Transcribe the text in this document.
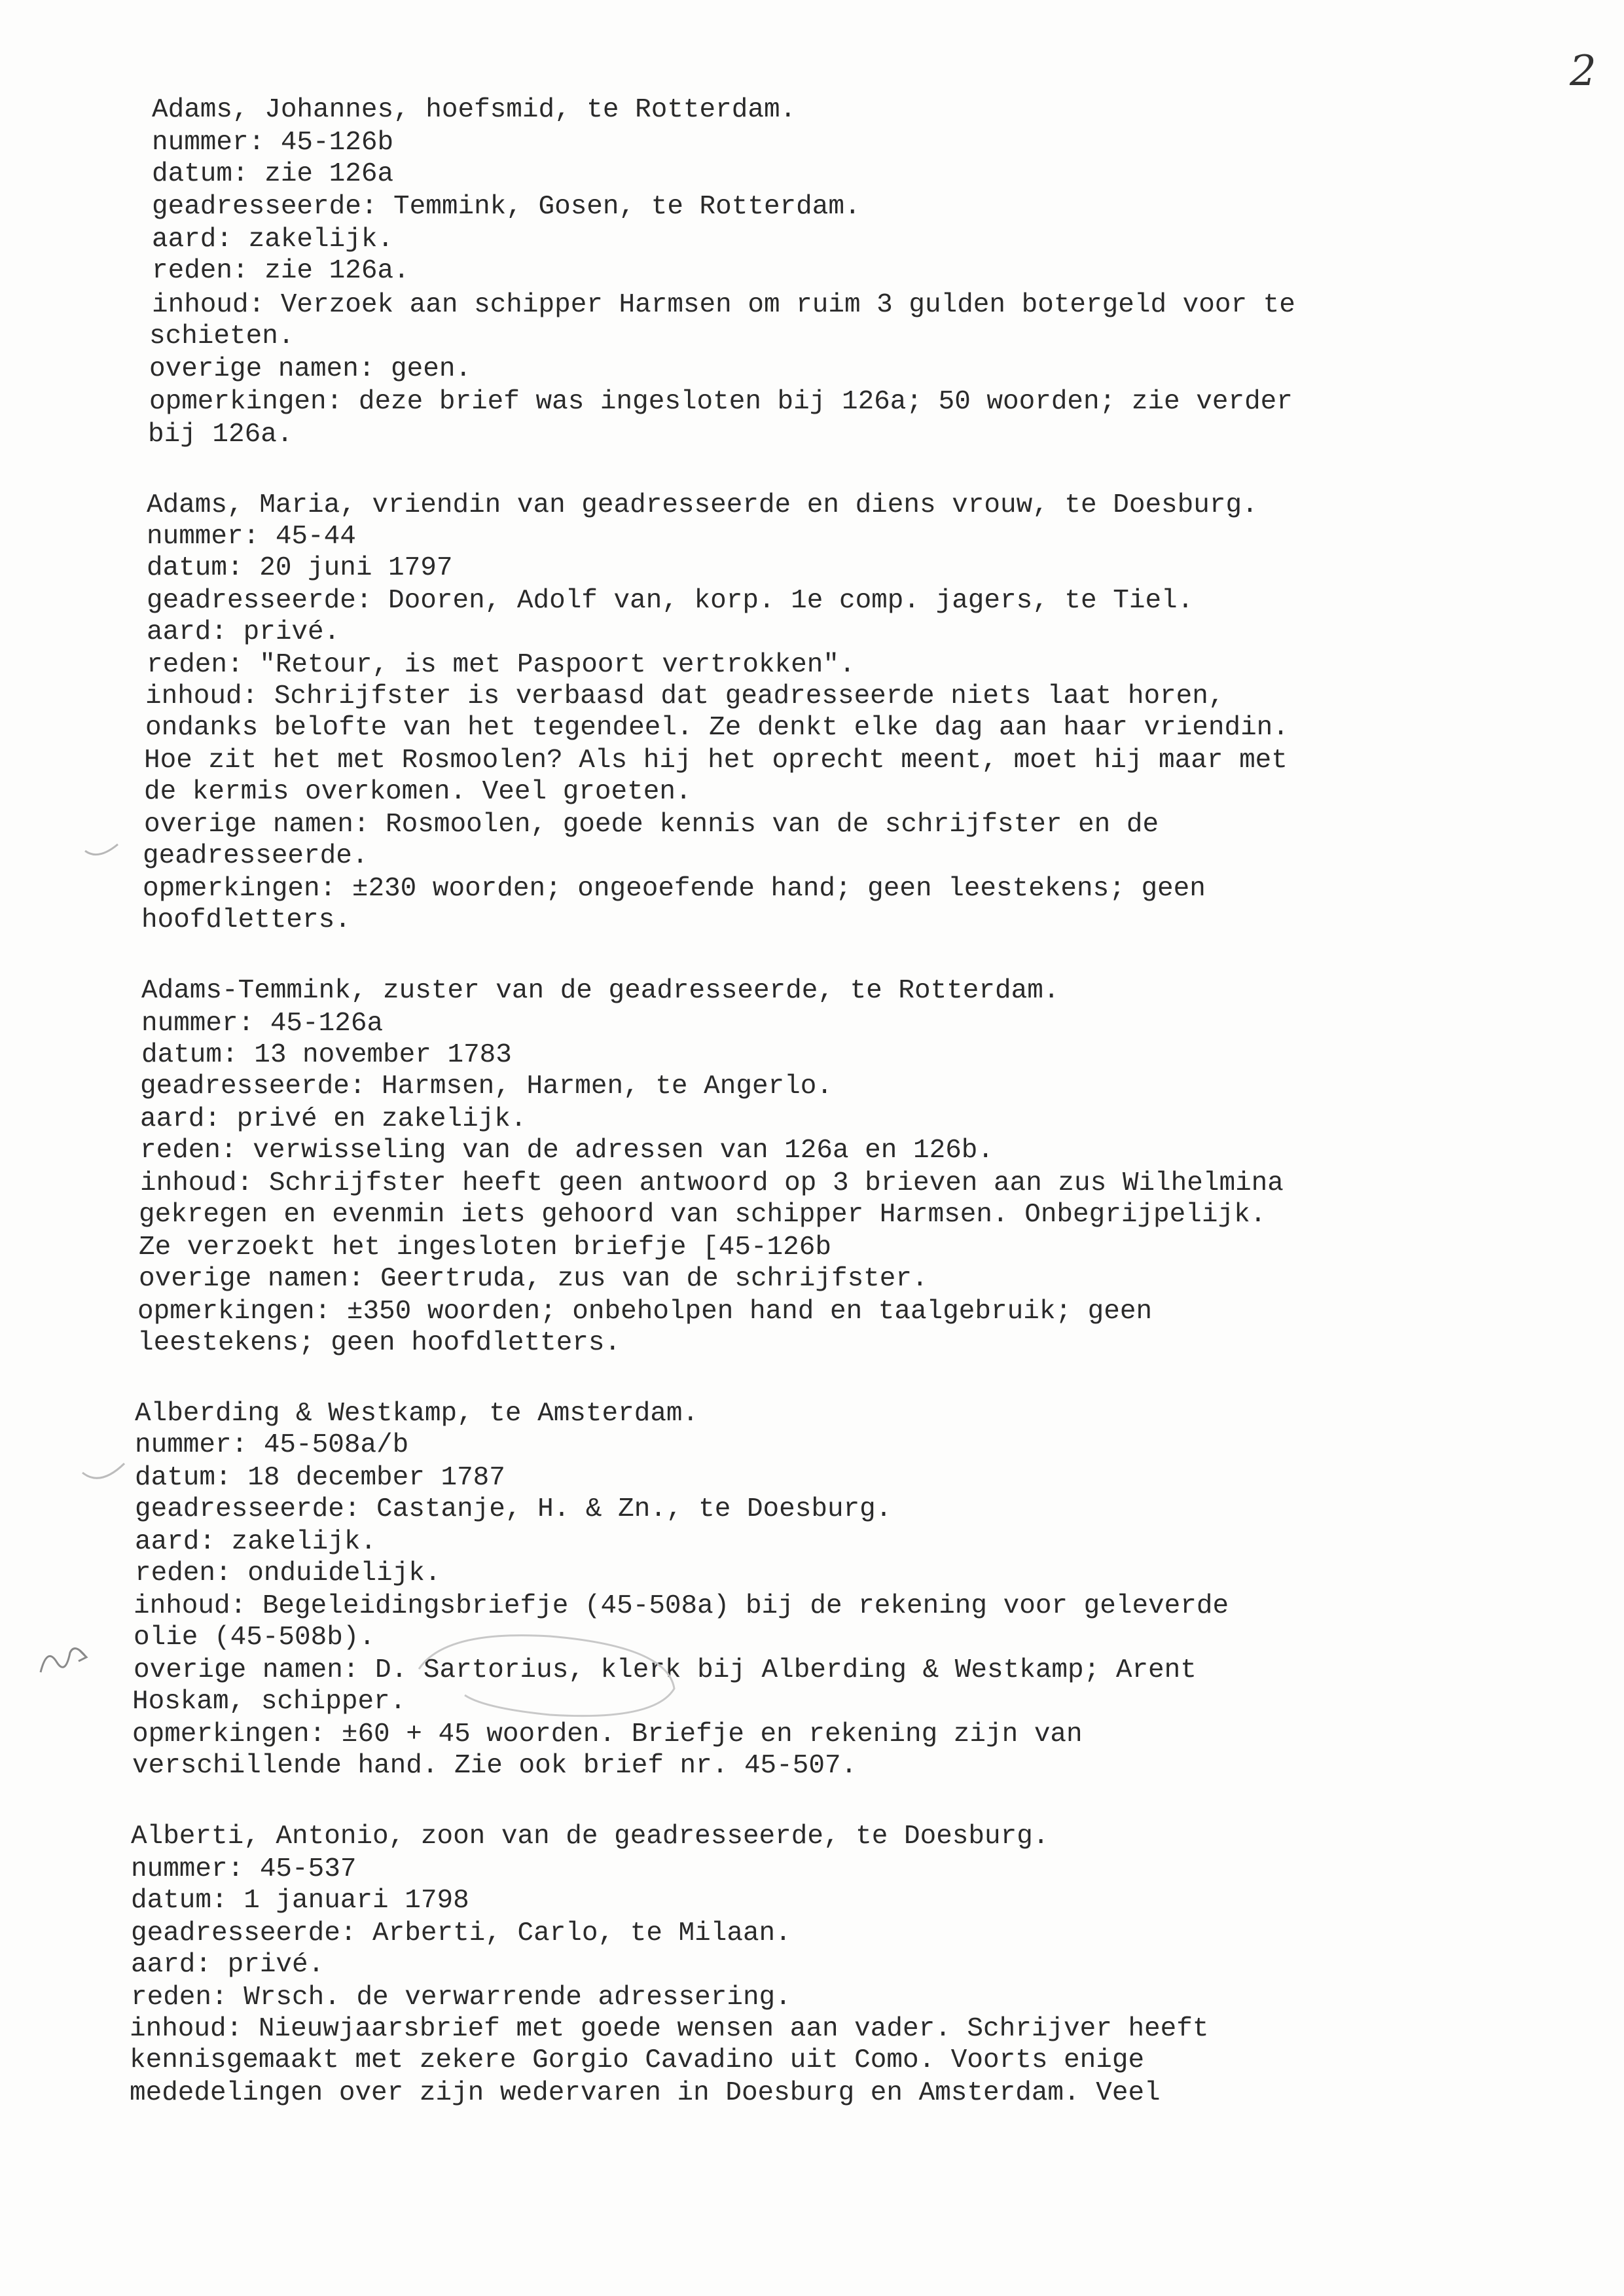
2
Adams, Johannes, hoefsmid, te Rotterdam.
nummer: 45-126b
datum: zie 126a
geadresseerde: Temmink, Gosen, te Rotterdam.
aard: zakelijk.
reden: zie 126a.
inhoud: Verzoek aan schipper Harmsen om ruim 3 gulden botergeld voor te
schieten.
overige namen: geen.
opmerkingen: deze brief was ingesloten bij 126a; 50 woorden; zie verder
bij 126a.
Adams, Maria, vriendin van geadresseerde en diens vrouw, te Doesburg.
nummer: 45-44
datum: 20 juni 1797
geadresseerde: Dooren, Adolf van, korp. 1e comp. jagers, te Tiel.
aard: privé.
reden: "Retour, is met Paspoort vertrokken".
inhoud: Schrijfster is verbaasd dat geadresseerde niets laat horen,
ondanks belofte van het tegendeel. Ze denkt elke dag aan haar vriendin.
Hoe zit het met Rosmoolen? Als hij het oprecht meent, moet hij maar met
de kermis overkomen. Veel groeten.
overige namen: Rosmoolen, goede kennis van de schrijfster en de
geadresseerde.
opmerkingen: ±230 woorden; ongeoefende hand; geen leestekens; geen
hoofdletters.
Adams-Temmink, zuster van de geadresseerde, te Rotterdam.
nummer: 45-126a
datum: 13 november 1783
geadresseerde: Harmsen, Harmen, te Angerlo.
aard: privé en zakelijk.
reden: verwisseling van de adressen van 126a en 126b.
inhoud: Schrijfster heeft geen antwoord op 3 brieven aan zus Wilhelmina
gekregen en evenmin iets gehoord van schipper Harmsen. Onbegrijpelijk.
Ze verzoekt het ingesloten briefje [45-126b
overige namen: Geertruda, zus van de schrijfster.
opmerkingen: ±350 woorden; onbeholpen hand en taalgebruik; geen
leestekens; geen hoofdletters.
Alberding & Westkamp, te Amsterdam.
nummer: 45-508a/b
datum: 18 december 1787
geadresseerde: Castanje, H. & Zn., te Doesburg.
aard: zakelijk.
reden: onduidelijk.
inhoud: Begeleidingsbriefje (45-508a) bij de rekening voor geleverde
olie (45-508b).
overige namen: D. Sartorius, klerk bij Alberding & Westkamp; Arent
Hoskam, schipper.
opmerkingen: ±60 + 45 woorden. Briefje en rekening zijn van
verschillende hand. Zie ook brief nr. 45-507.
Alberti, Antonio, zoon van de geadresseerde, te Doesburg.
nummer: 45-537
datum: 1 januari 1798
geadresseerde: Arberti, Carlo, te Milaan.
aard: privé.
reden: Wrsch. de verwarrende adressering.
inhoud: Nieuwjaarsbrief met goede wensen aan vader. Schrijver heeft
kennisgemaakt met zekere Gorgio Cavadino uit Como. Voorts enige
mededelingen over zijn wedervaren in Doesburg en Amsterdam. Veel
